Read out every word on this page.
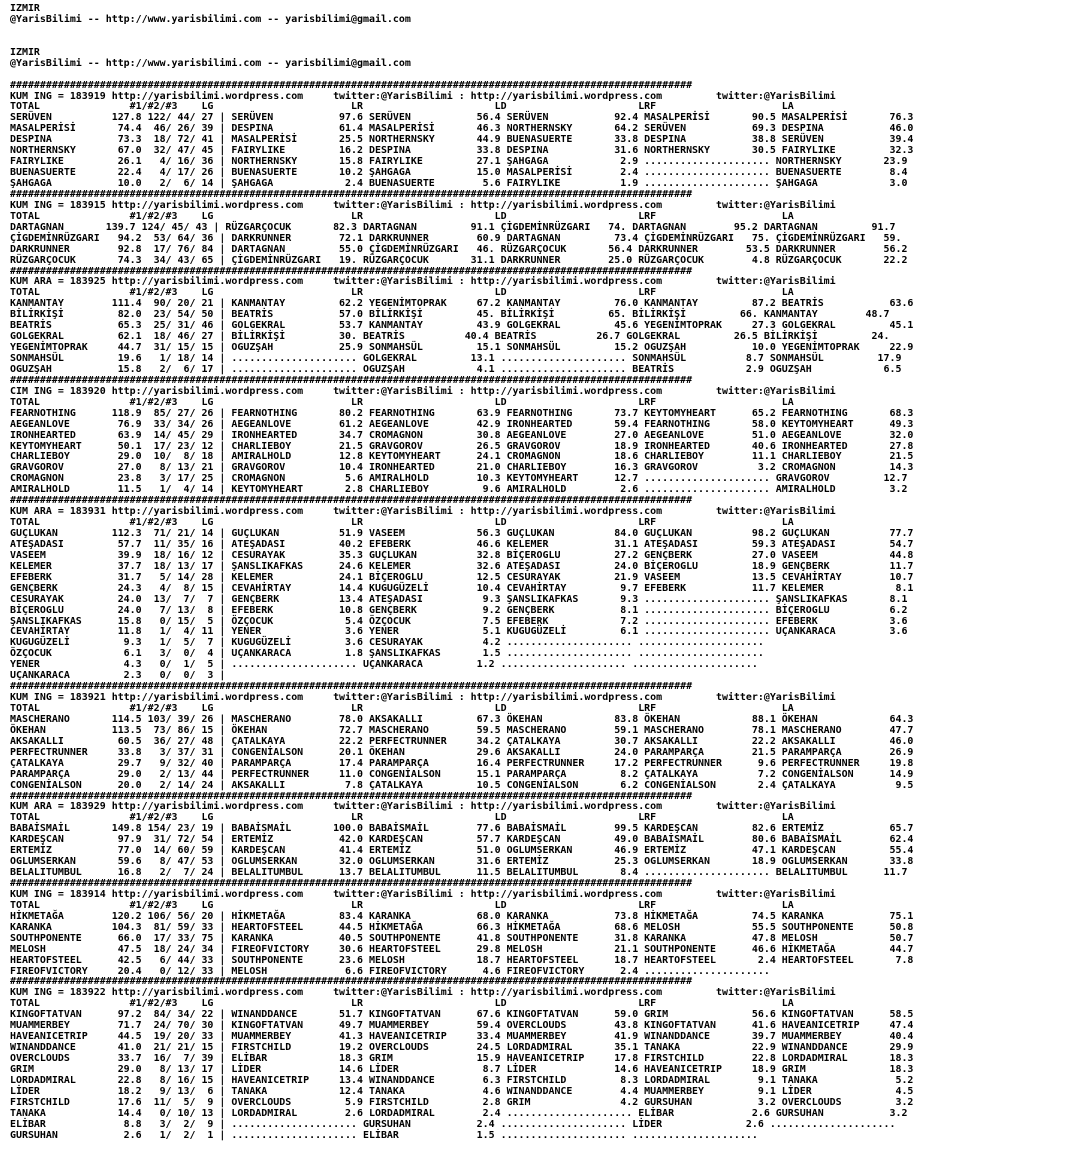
IZMIR
@YarisBilimi -- http://www.yarisbilimi.com -- yarisbilimi@gmail.com
IZMIR
@YarisBilimi -- http://www.yarisbilimi.com -- yarisbilimi@gmail.com
##################################################################################################################
KUM ING = 183919 http://yarisbilimi.wordpress.com     twitter:@YarisBilimi : http://yarisbilimi.wordpress.com         twitter:@YarisBilimi
TOTAL               #1/#2/#3    LG                       LR                      LD                      LRF                     LA
SERÜVEN          127.8 122/ 44/ 27 | SERÜVEN           97.6 SERÜVEN           56.4 SERÜVEN           92.4 MASALPERİSİ       90.5 MASALPERİSİ       76.3
MASALPERİSİ       74.4  46/ 26/ 39 | DESPINA           61.4 MASALPERİSİ       46.3 NORTHERNSKY       64.2 SERÜVEN           69.3 DESPINA           46.0
DESPINA           73.3  18/ 72/ 41 | MASALPERİSİ       25.5 NORTHERNSKY       44.9 BUENASUERTE       33.8 DESPINA           38.8 SERÜVEN           39.4
NORTHERNSKY       67.0  32/ 47/ 45 | FAIRYLIKE         16.2 DESPINA           33.8 DESPINA           31.6 NORTHERNSKY       30.5 FAIRYLIKE         32.3
FAIRYLIKE         26.1   4/ 16/ 36 | NORTHERNSKY       15.8 FAIRYLIKE         27.1 ŞAHGAGA            2.9 ..................... NORTHERNSKY       23.9
BUENASUERTE       22.4   4/ 17/ 26 | BUENASUERTE       10.2 ŞAHGAGA           15.0 MASALPERİSİ        2.4 ..................... BUENASUERTE        8.4
ŞAHGAGA           10.0   2/  6/ 14 | ŞAHGAGA            2.4 BUENASUERTE        5.6 FAIRYLIKE          1.9 ..................... ŞAHGAGA            3.0
##################################################################################################################
KUM ING = 183915 http://yarisbilimi.wordpress.com     twitter:@YarisBilimi : http://yarisbilimi.wordpress.com         twitter:@YarisBilimi
TOTAL               #1/#2/#3    LG                       LR                      LD                      LRF                     LA
DARTAGNAN       139.7 124/ 45/ 43 | RÜZGARÇOCUK       82.3 DARTAGNAN         91.1 ÇİGDEMİNRÜZGARI   74. DARTAGNAN        95.2 DARTAGNAN         91.7
ÇİGDEMİNRÜZGARI   94.2  53/ 64/ 36 | DARKRUNNER        72.1 DARKRUNNER        60.9 DARTAGNAN         73.4 ÇİGDEMİNRÜZGARI   75. ÇİGDEMİNRÜZGARI   59.
DARKRUNNER        92.8  17/ 76/ 84 | DARTAGNAN         55.0 ÇİGDEMİNRÜZGARI   46. RÜZGARÇOCUK       56.4 DARKRUNNER        53.5 DARKRUNNER        56.2
RÜZGARÇOCUK       74.3  34/ 43/ 65 | ÇİGDEMİNRÜZGARI   19. RÜZGARÇOCUK       31.1 DARKRUNNER        25.0 RÜZGARÇOCUK        4.8 RÜZGARÇOCUK       22.2
##################################################################################################################
KUM ARA = 183925 http://yarisbilimi.wordpress.com     twitter:@YarisBilimi : http://yarisbilimi.wordpress.com         twitter:@YarisBilimi
TOTAL               #1/#2/#3    LG                       LR                      LD                      LRF                     LA
KANMANTAY        111.4  90/ 20/ 21 | KANMANTAY         62.2 YEGENİMTOPRAK     67.2 KANMANTAY         76.0 KANMANTAY         87.2 BEATRİS           63.6
BİLİRKİŞİ         82.0  23/ 54/ 50 | BEATRİS           57.0 BİLİRKİŞİ         45. BİLİRKİŞİ         65. BİLİRKİŞİ         66. KANMANTAY        48.7
BEATRİS           65.3  25/ 31/ 46 | GOLGEKRAL         53.7 KANMANTAY         43.9 GOLGEKRAL         45.6 YEGENİMTOPRAK     27.3 GOLGEKRAL         45.1
GOLGEKRAL         62.1  18/ 46/ 27 | BİLİRKİŞİ         30. BEATRİS          40.4 BEATRİS          26.7 GOLGEKRAL         26.5 BİLİRKİŞİ         24.
YEGENİMTOPRAK     44.7  31/ 15/ 15 | OGUZŞAH           25.9 SONMAHSÜL         15.1 SONMAHSÜL         15.2 OGUZŞAH           10.0 YEGENİMTOPRAK     22.9
SONMAHSÜL         19.6   1/ 18/ 14 | ..................... GOLGEKRAL         13.1 ..................... SONMAHSÜL          8.7 SONMAHSÜL         17.9
OGUZŞAH           15.8   2/  6/ 17 | ..................... OGUZŞAH            4.1 ..................... BEATRİS            2.9 OGUZŞAH            6.5
##################################################################################################################
CIM ING = 183920 http://yarisbilimi.wordpress.com     twitter:@YarisBilimi : http://yarisbilimi.wordpress.com         twitter:@YarisBilimi
TOTAL               #1/#2/#3    LG                       LR                      LD                      LRF                     LA
FEARNOTHING      118.9  85/ 27/ 26 | FEARNOTHING       80.2 FEARNOTHING       63.9 FEARNOTHING       73.7 KEYTOMYHEART      65.2 FEARNOTHING       68.3
AEGEANLOVE        76.9  33/ 34/ 26 | AEGEANLOVE        61.2 AEGEANLOVE        42.9 IRONHEARTED       59.4 FEARNOTHING       58.0 KEYTOMYHEART      49.3
IRONHEARTED       63.9  14/ 45/ 29 | IRONHEARTED       34.7 CROMAGNON         30.8 AEGEANLOVE        27.0 AEGEANLOVE        51.0 AEGEANLOVE        32.0
KEYTOMYHEART      50.1  17/ 23/ 12 | CHARLIEBOY        21.5 GRAVGOROV         26.5 GRAVGOROV         18.9 IRONHEARTED       40.6 IRONHEARTED       27.8
CHARLIEBOY        29.0  10/  8/ 18 | AMIRALHOLD        12.8 KEYTOMYHEART      24.1 CROMAGNON         18.6 CHARLIEBOY        11.1 CHARLIEBOY        21.5
GRAVGOROV         27.0   8/ 13/ 21 | GRAVGOROV         10.4 IRONHEARTED       21.0 CHARLIEBOY        16.3 GRAVGOROV          3.2 CROMAGNON         14.3
CROMAGNON         23.8   3/ 17/ 25 | CROMAGNON          5.6 AMIRALHOLD        10.3 KEYTOMYHEART      12.7 ..................... GRAVGOROV         12.7
AMIRALHOLD        11.5   1/  4/ 14 | KEYTOMYHEART       2.8 CHARLIEBOY         9.6 AMIRALHOLD         2.6 ..................... AMIRALHOLD         3.2
##################################################################################################################
KUM ARA = 183931 http://yarisbilimi.wordpress.com     twitter:@YarisBilimi : http://yarisbilimi.wordpress.com         twitter:@YarisBilimi
TOTAL               #1/#2/#3    LG                       LR                      LD                      LRF                     LA
GUÇLUKAN         112.3  71/ 21/ 14 | GUÇLUKAN          51.9 VASEEM            56.3 GUÇLUKAN          84.0 GUÇLUKAN          98.2 GUÇLUKAN          77.7
ATEŞADASI         57.7  11/ 35/ 16 | ATEŞADASI         40.2 EFEBERK           46.6 KELEMER           31.1 ATEŞADASI         59.3 ATEŞADASI         54.7
VASEEM            39.9  18/ 16/ 12 | CESURAYAK         35.3 GUÇLUKAN          32.8 BİÇEROGLU         27.2 GENÇBERK          27.0 VASEEM            44.8
KELEMER           37.7  18/ 13/ 17 | ŞANSLIKAFKAS      24.6 KELEMER           32.6 ATEŞADASI         24.0 BİÇEROGLU         18.9 GENÇBERK          11.7
EFEBERK           31.7   5/ 14/ 28 | KELEMER           24.1 BİÇEROGLU         12.5 CESURAYAK         21.9 VASEEM            13.5 CEVAHİRTAY        10.7
GENÇBERK          24.3   4/  8/ 15 | CEVAHİRTAY        14.4 KUGUGÜZELİ        10.4 CEVAHİRTAY         9.7 EFEBERK           11.7 KELEMER            8.1
CESURAYAK         24.0  13/  7/  7 | GENÇBERK          13.4 ATEŞADASI          9.3 ŞANSLIKAFKAS       9.3 ..................... ŞANSLIKAFKAS       8.1
BİÇEROGLU         24.0   7/ 13/  8 | EFEBERK           10.8 GENÇBERK           9.2 GENÇBERK           8.1 ..................... BİÇEROGLU          6.2
ŞANSLIKAFKAS      15.8   0/ 15/  5 | ÖZÇOCUK            5.4 ÖZÇOCUK            7.5 EFEBERK            7.2 ..................... EFEBERK            3.6
CEVAHİRTAY        11.8   1/  4/ 11 | YENER              3.6 YENER              5.1 KUGUGÜZELİ         6.1 ..................... UÇANKARACA         3.6
KUGUGÜZELİ         9.3   1/  5/  7 | KUGUGÜZELİ         3.6 CESURAYAK          4.2 ..................... .....................
ÖZÇOCUK            6.1   3/  0/  4 | UÇANKARACA         1.8 ŞANSLIKAFKAS       1.5 ..................... .....................
YENER              4.3   0/  1/  5 | ..................... UÇANKARACA         1.2 ..................... .....................
UÇANKARACA         2.3   0/  0/  3 |
##################################################################################################################
KUM ING = 183921 http://yarisbilimi.wordpress.com     twitter:@YarisBilimi : http://yarisbilimi.wordpress.com         twitter:@YarisBilimi
TOTAL               #1/#2/#3    LG                       LR                      LD                      LRF                     LA
MASCHERANO       114.5 103/ 39/ 26 | MASCHERANO        78.0 AKSAKALLI         67.3 ÖKEHAN            83.8 ÖKEHAN            88.1 ÖKEHAN            64.3
ÖKEHAN           113.5  73/ 86/ 15 | ÖKEHAN            72.7 MASCHERANO        59.5 MASCHERANO        59.1 MASCHERANO        78.1 MASCHERANO        47.7
AKSAKALLI         60.5  36/ 27/ 48 | ÇATALKAYA         22.2 PERFECTRUNNER     34.2 ÇATALKAYA         30.7 AKSAKALLI         22.2 AKSAKALLI         46.0
PERFECTRUNNER     33.8   3/ 37/ 31 | CONGENİALSON      20.1 ÖKEHAN            29.6 AKSAKALLI         24.0 PARAMPARÇA        21.5 PARAMPARÇA        26.9
ÇATALKAYA         29.7   9/ 32/ 40 | PARAMPARÇA        17.4 PARAMPARÇA        16.4 PERFECTRUNNER     17.2 PERFECTRUNNER      9.6 PERFECTRUNNER     19.8
PARAMPARÇA        29.0   2/ 13/ 44 | PERFECTRUNNER     11.0 CONGENİALSON      15.1 PARAMPARÇA         8.2 ÇATALKAYA          7.2 CONGENİALSON      14.9
CONGENİALSON      20.0   2/ 14/ 24 | AKSAKALLI          7.8 ÇATALKAYA         10.5 CONGENİALSON       6.2 CONGENİALSON       2.4 ÇATALKAYA          9.5
##################################################################################################################
KUM ARA = 183929 http://yarisbilimi.wordpress.com     twitter:@YarisBilimi : http://yarisbilimi.wordpress.com         twitter:@YarisBilimi
TOTAL               #1/#2/#3    LG                       LR                      LD                      LRF                     LA
BABAİSMAİL       149.8 154/ 23/ 19 | BABAİSMAİL       100.0 BABAİSMAİL        77.6 BABAİSMAİL        99.5 KARDEŞCAN         82.6 ERTEMİZ           65.7
KARDEŞCAN         97.9  31/ 72/ 54 | ERTEMİZ           42.0 KARDEŞCAN         57.7 KARDEŞCAN         49.0 BABAİSMAİL        80.6 BABAİSMAİL        62.4
ERTEMİZ           77.0  14/ 60/ 59 | KARDEŞCAN         41.4 ERTEMİZ           51.0 OGLUMSERKAN       46.9 ERTEMİZ           47.1 KARDEŞCAN         55.4
OGLUMSERKAN       59.6   8/ 47/ 53 | OGLUMSERKAN       32.0 OGLUMSERKAN       31.6 ERTEMİZ           25.3 OGLUMSERKAN       18.9 OGLUMSERKAN       33.8
BELALITUMBUL      16.8   2/  7/ 24 | BELALITUMBUL      13.7 BELALITUMBUL      11.5 BELALITUMBUL       8.4 ..................... BELALITUMBUL      11.7
##################################################################################################################
KUM ING = 183914 http://yarisbilimi.wordpress.com     twitter:@YarisBilimi : http://yarisbilimi.wordpress.com         twitter:@YarisBilimi
TOTAL               #1/#2/#3    LG                       LR                      LD                      LRF                     LA
HİKMETAĞA        120.2 106/ 56/ 20 | HİKMETAĞA         83.4 KARANKA           68.0 KARANKA           73.8 HİKMETAĞA         74.5 KARANKA           75.1
KARANKA          104.3  81/ 59/ 33 | HEARTOFSTEEL      44.5 HİKMETAĞA         66.3 HİKMETAĞA         68.6 MELOSH            55.5 SOUTHPONENTE      50.8
SOUTHPONENTE      66.0  17/ 33/ 75 | KARANKA           40.5 SOUTHPONENTE      41.8 SOUTHPONENTE      31.8 KARANKA           47.8 MELOSH            50.7
MELOSH            47.5  18/ 24/ 34 | FIREOFVICTORY     30.6 HEARTOFSTEEL      29.8 MELOSH            21.1 SOUTHPONENTE      46.6 HİKMETAĞA         44.7
HEARTOFSTEEL      42.5   6/ 44/ 33 | SOUTHPONENTE      23.6 MELOSH            18.7 HEARTOFSTEEL      18.7 HEARTOFSTEEL       2.4 HEARTOFSTEEL       7.8
FIREOFVICTORY     20.4   0/ 12/ 33 | MELOSH             6.6 FIREOFVICTORY      4.6 FIREOFVICTORY      2.4 .....................
##################################################################################################################
KUM ING = 183922 http://yarisbilimi.wordpress.com     twitter:@YarisBilimi : http://yarisbilimi.wordpress.com         twitter:@YarisBilimi
TOTAL               #1/#2/#3    LG                       LR                      LD                      LRF                     LA
KINGOFTATVAN      97.2  84/ 34/ 22 | WINANDDANCE       51.7 KINGOFTATVAN      67.6 KINGOFTATVAN      59.0 GRIM              56.6 KINGOFTATVAN      58.5
MUAMMERBEY        71.7  24/ 70/ 30 | KINGOFTATVAN      49.7 MUAMMERBEY        59.4 OVERCLOUDS        43.8 KINGOFTATVAN      41.6 HAVEANICETRIP     47.4
HAVEANICETRIP     44.5  19/ 20/ 33 | MUAMMERBEY        41.3 HAVEANICETRIP     33.4 MUAMMERBEY        41.9 WINANDDANCE       39.7 MUAMMERBEY        40.4
WINANDDANCE       41.0  21/ 21/ 15 | FIRSTCHILD        19.2 OVERCLOUDS        24.5 LORDADMIRAL       35.1 TANAKA            22.9 WINANDDANCE       29.9
OVERCLOUDS        33.7  16/  7/ 39 | ELİBAR            18.3 GRIM              15.9 HAVEANICETRIP     17.8 FIRSTCHILD        22.8 LORDADMIRAL       18.3
GRIM              29.0   8/ 13/ 17 | LİDER             14.6 LİDER              8.7 LİDER             14.6 HAVEANICETRIP     18.9 GRIM              18.3
LORDADMIRAL       22.8   8/ 16/ 15 | HAVEANICETRIP     13.4 WINANDDANCE        6.3 FIRSTCHILD         8.3 LORDADMIRAL        9.1 TANAKA             5.2
LİDER             18.2   9/ 13/  6 | TANAKA            12.4 TANAKA             4.6 WINANDDANCE        4.4 MUAMMERBEY         9.1 LİDER              4.5
FIRSTCHILD        17.6  11/  5/  9 | OVERCLOUDS         5.9 FIRSTCHILD         2.8 GRIM               4.2 GURSUHAN           3.2 OVERCLOUDS         3.2
TANAKA            14.4   0/ 10/ 13 | LORDADMIRAL        2.6 LORDADMIRAL        2.4 ..................... ELİBAR             2.6 GURSUHAN           3.2
ELİBAR             8.8   3/  2/  9 | ..................... GURSUHAN           2.4 ..................... LİDER              2.6 .....................
GURSUHAN           2.6   1/  2/  1 | ..................... ELİBAR             1.5 ..................... .....................
